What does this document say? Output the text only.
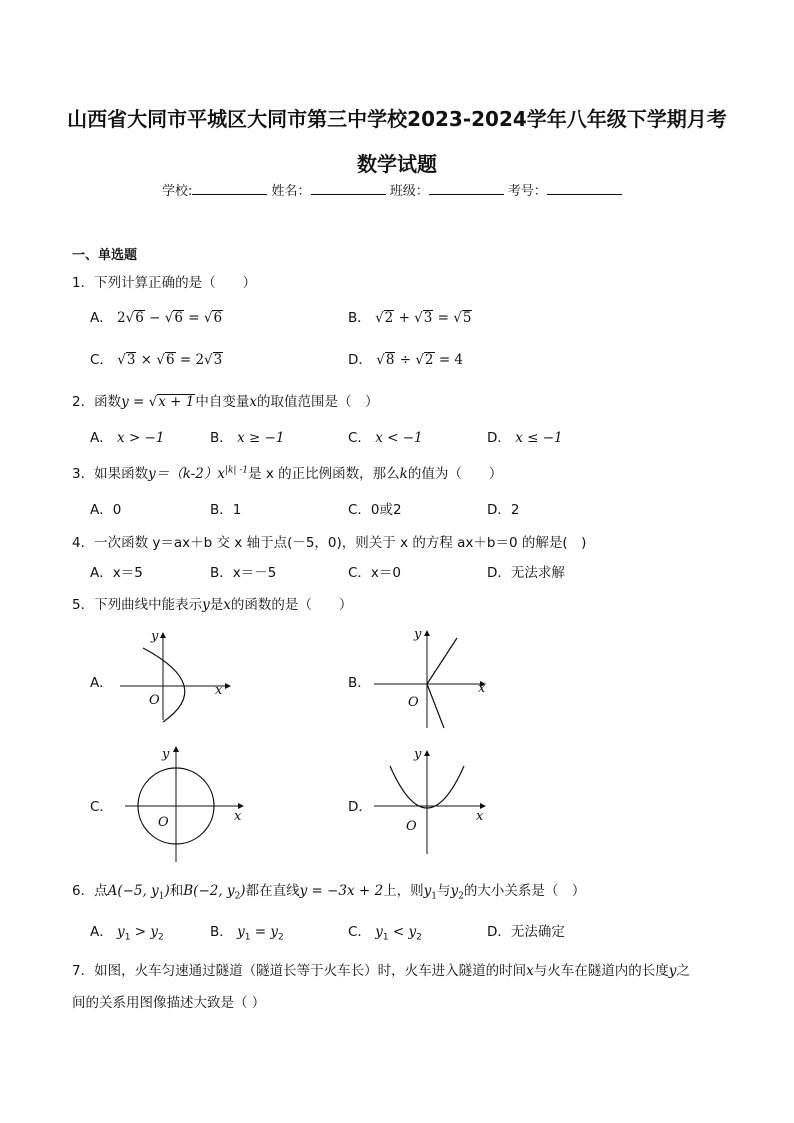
山西省大同市平城区大同市第三中学校2023-2024学年八年级下学期月考
数学试题
学校:	姓名：	班级：	考号：
一、单选题
1．下列计算正确的是（　　）
A． 2√6 − √6 = √6	B． √2 + √3 = √5
C． √3 × √6 = 2√3	D． √8 ÷ √2 = 4
2．函数y = √x + 1中自变量x的取值范围是（　）
A． x > −1	B． x ≥ −1	C． x < −1	D． x ≤ −1
3．如果函数$y=(k-2)x^{|k| -1}$是 x 的正比例函数，那么k的值为（　　）
A．0	B．1	C．0或2	D．2
4．一次函数 y＝ax＋b 交 x 轴于点(－5，0)，则关于 x 的方程 ax＋b＝0 的解是(　)
A．x＝5	B．x＝－5	C．x＝0	D．无法求解
5．下列曲线中能表示y是x的函数的是（　　）
A．	x
y
O
B．	x
y
O
C．
x
y
O
D．
x
y
O
6．点A(−5, $y_1$)和B(−2, $y_2$)都在直线y = −3x + 2上，则$y_1$与$y_2$的大小关系是（　）
A． $y_1 > y_2$	B． $y_1 = y_2$	C． $y_1 < y_2$	D．无法确定
7．如图，火车匀速通过隧道（隧道长等于火车长）时，火车进入隧道的时间x与火车在隧道内的长度y之
间的关系用图像描述大致是（ ）
